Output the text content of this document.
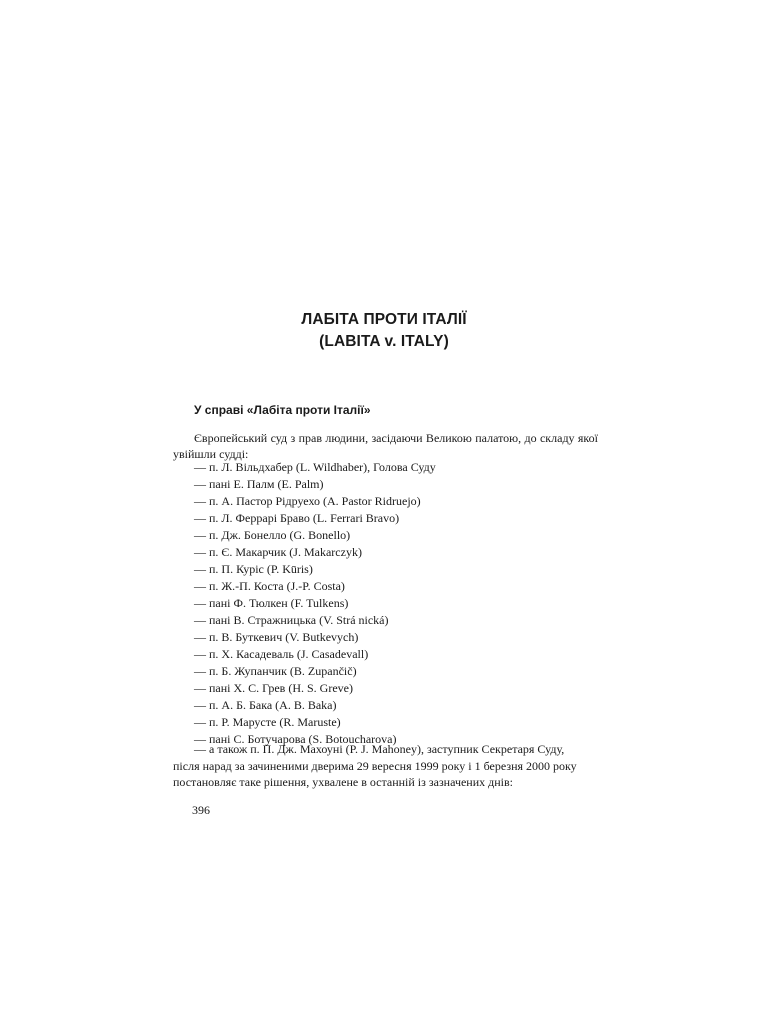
ЛАБІТА ПРОТИ ІТАЛІЇ
(LABITA v. ITALY)
У справі «Лабіта проти Італії»
Європейський суд з прав людини, засідаючи Великою палатою, до складу якої увійшли судді:
— п. Л. Вільдхабер (L. Wildhaber), Голова Суду
— пані Е. Палм (E. Palm)
— п. А. Пастор Рідруехо (A. Pastor Ridruejo)
— п. Л. Феррарі Браво (L. Ferrari Bravo)
— п. Дж. Бонелло (G. Bonello)
— п. Є. Макарчик (J. Makarczyk)
— п. П. Куріс (P. Kūris)
— п. Ж.-П. Коста (J.-P. Costa)
— пані Ф. Тюлкен (F. Tulkens)
— пані В. Стражницька (V. Strá nická)
— п. В. Буткевич (V. Butkevych)
— п. Х. Касадеваль (J. Casadevall)
— п. Б. Жупанчик (B. Zupančič)
— пані Х. С. Грев (H. S. Greve)
— п. А. Б. Бака (A. B. Baka)
— п. Р. Марусте (R. Maruste)
— пані С. Ботучарова (S. Botoucharova)
— а також п. П. Дж. Махоуні (P. J. Mahoney), заступник Секретаря Суду,
після нарад за зачиненими дверима 29 вересня 1999 року і 1 березня 2000 року
постановляє таке рішення, ухвалене в останній із зазначених днів:
396
